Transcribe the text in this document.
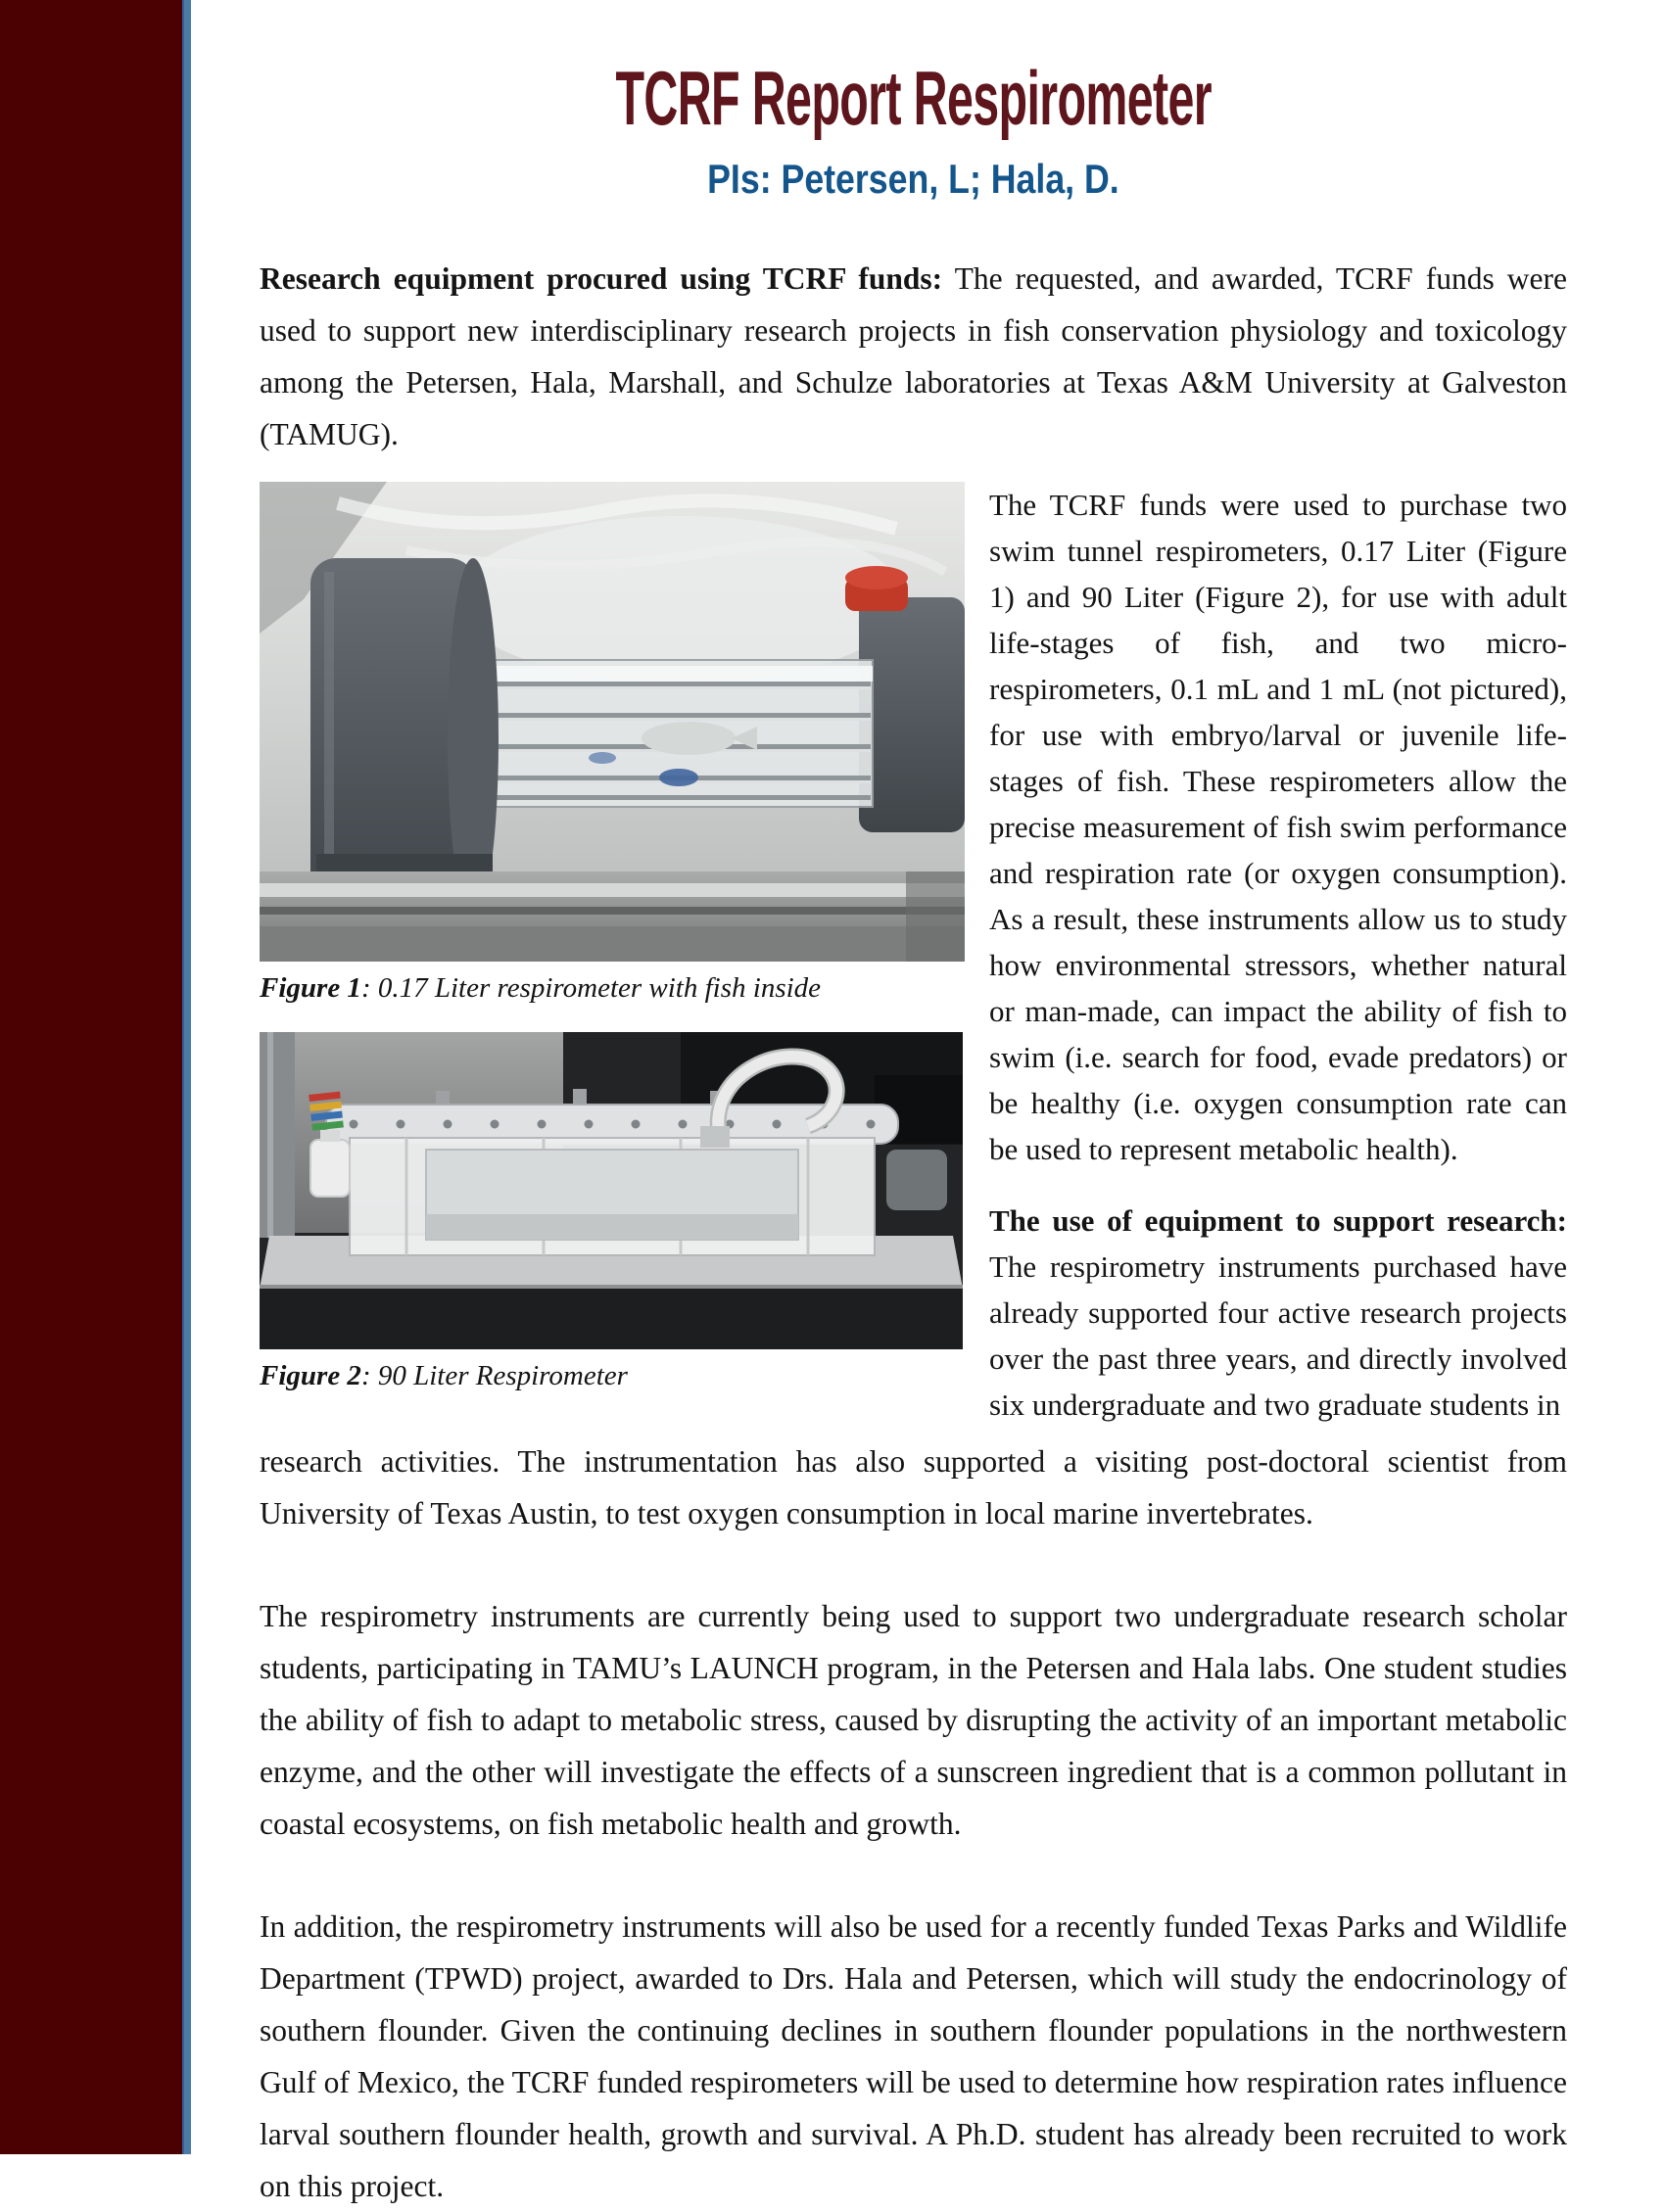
TCRF Report Respirometer
PIs: Petersen, L; Hala, D.

Research equipment procured using TCRF funds: The requested, and awarded, TCRF funds were used to support new interdisciplinary research projects in fish conservation physiology and toxicology among the Petersen, Hala, Marshall, and Schulze laboratories at Texas A&M University at Galveston (TAMUG).

Figure 1: 0.17 Liter respirometer with fish inside
Figure 2: 90 Liter Respirometer

The TCRF funds were used to purchase two swim tunnel respirometers, 0.17 Liter (Figure 1) and 90 Liter (Figure 2), for use with adult life-stages of fish, and two micro-respirometers, 0.1 mL and 1 mL (not pictured), for use with embryo/larval or juvenile life-stages of fish. These respirometers allow the precise measurement of fish swim performance and respiration rate (or oxygen consumption). As a result, these instruments allow us to study how environmental stressors, whether natural or man-made, can impact the ability of fish to swim (i.e. search for food, evade predators) or be healthy (i.e. oxygen consumption rate can be used to represent metabolic health).

The use of equipment to support research: The respirometry instruments purchased have already supported four active research projects over the past three years, and directly involved six undergraduate and two graduate students in

research activities. The instrumentation has also supported a visiting post-doctoral scientist from University of Texas Austin, to test oxygen consumption in local marine invertebrates.

The respirometry instruments are currently being used to support two undergraduate research scholar students, participating in TAMU’s LAUNCH program, in the Petersen and Hala labs. One student studies the ability of fish to adapt to metabolic stress, caused by disrupting the activity of an important metabolic enzyme, and the other will investigate the effects of a sunscreen ingredient that is a common pollutant in coastal ecosystems, on fish metabolic health and growth.

In addition, the respirometry instruments will also be used for a recently funded Texas Parks and Wildlife Department (TPWD) project, awarded to Drs. Hala and Petersen, which will study the endocrinology of southern flounder. Given the continuing declines in southern flounder populations in the northwestern Gulf of Mexico, the TCRF funded respirometers will be used to determine how respiration rates influence larval southern flounder health, growth and survival. A Ph.D. student has already been recruited to work on this project.
